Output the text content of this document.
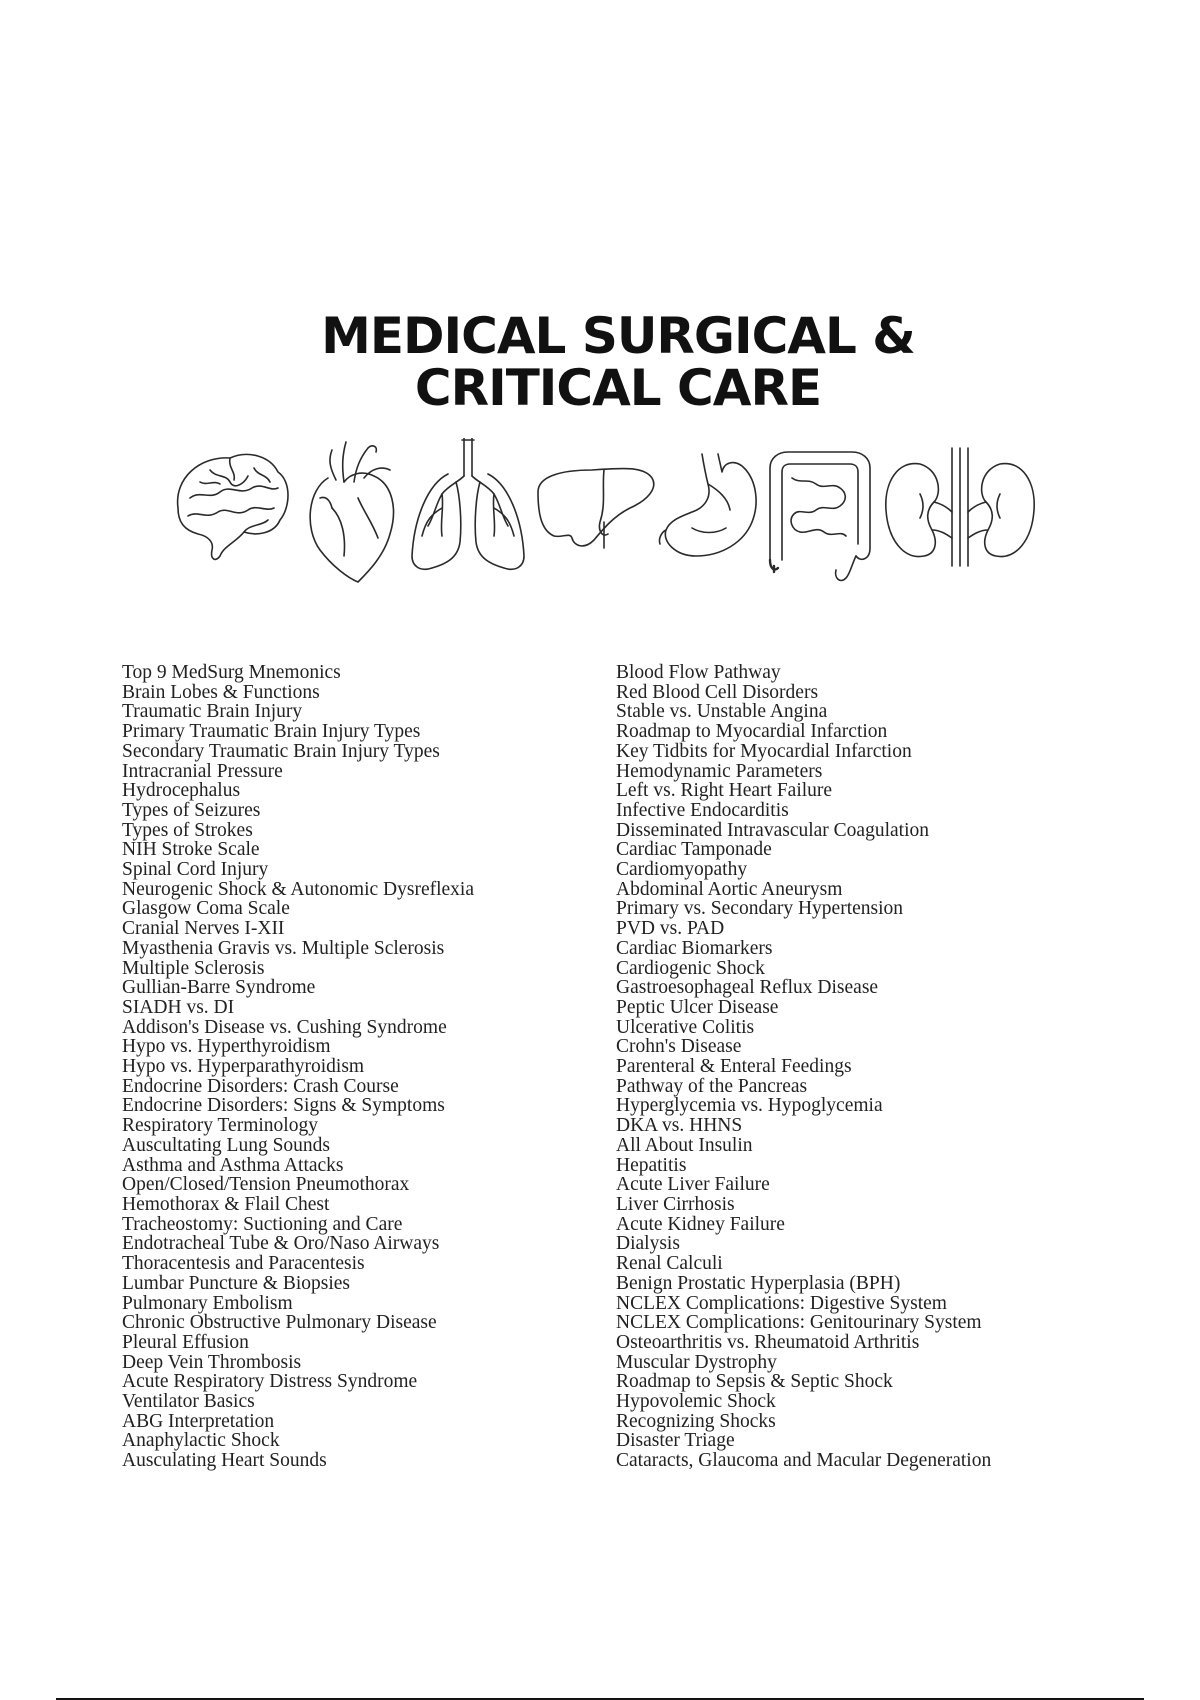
MEDICAL SURGICAL &
CRITICAL CARE
Top 9 MedSurg Mnemonics
Brain Lobes & Functions
Traumatic Brain Injury
Primary Traumatic Brain Injury Types
Secondary Traumatic Brain Injury Types
Intracranial Pressure
Hydrocephalus
Types of Seizures
Types of Strokes
NIH Stroke Scale
Spinal Cord Injury
Neurogenic Shock & Autonomic Dysreflexia
Glasgow Coma Scale
Cranial Nerves I-XII
Myasthenia Gravis vs. Multiple Sclerosis
Multiple Sclerosis
Gullian-Barre Syndrome
SIADH vs. DI
Addison's Disease vs. Cushing Syndrome
Hypo vs. Hyperthyroidism
Hypo vs. Hyperparathyroidism
Endocrine Disorders: Crash Course
Endocrine Disorders: Signs & Symptoms
Respiratory Terminology
Auscultating Lung Sounds
Asthma and Asthma Attacks
Open/Closed/Tension Pneumothorax
Hemothorax & Flail Chest
Tracheostomy: Suctioning and Care
Endotracheal Tube & Oro/Naso Airways
Thoracentesis and Paracentesis
Lumbar Puncture & Biopsies
Pulmonary Embolism
Chronic Obstructive Pulmonary Disease
Pleural Effusion
Deep Vein Thrombosis
Acute Respiratory Distress Syndrome
Ventilator Basics
ABG Interpretation
Anaphylactic Shock
Ausculating Heart Sounds
Blood Flow Pathway
Red Blood Cell Disorders
Stable vs. Unstable Angina
Roadmap to Myocardial Infarction
Key Tidbits for Myocardial Infarction
Hemodynamic Parameters
Left vs. Right Heart Failure
Infective Endocarditis
Disseminated Intravascular Coagulation
Cardiac Tamponade
Cardiomyopathy
Abdominal Aortic Aneurysm
Primary vs. Secondary Hypertension
PVD vs. PAD
Cardiac Biomarkers
Cardiogenic Shock
Gastroesophageal Reflux Disease
Peptic Ulcer Disease
Ulcerative Colitis
Crohn's Disease
Parenteral & Enteral Feedings
Pathway of the Pancreas
Hyperglycemia vs. Hypoglycemia
DKA vs. HHNS
All About Insulin
Hepatitis
Acute Liver Failure
Liver Cirrhosis
Acute Kidney Failure
Dialysis
Renal Calculi
Benign Prostatic Hyperplasia (BPH)
NCLEX Complications: Digestive System
NCLEX Complications: Genitourinary System
Osteoarthritis vs. Rheumatoid Arthritis
Muscular Dystrophy
Roadmap to Sepsis & Septic Shock
Hypovolemic Shock
Recognizing Shocks
Disaster Triage
Cataracts, Glaucoma and Macular Degeneration
